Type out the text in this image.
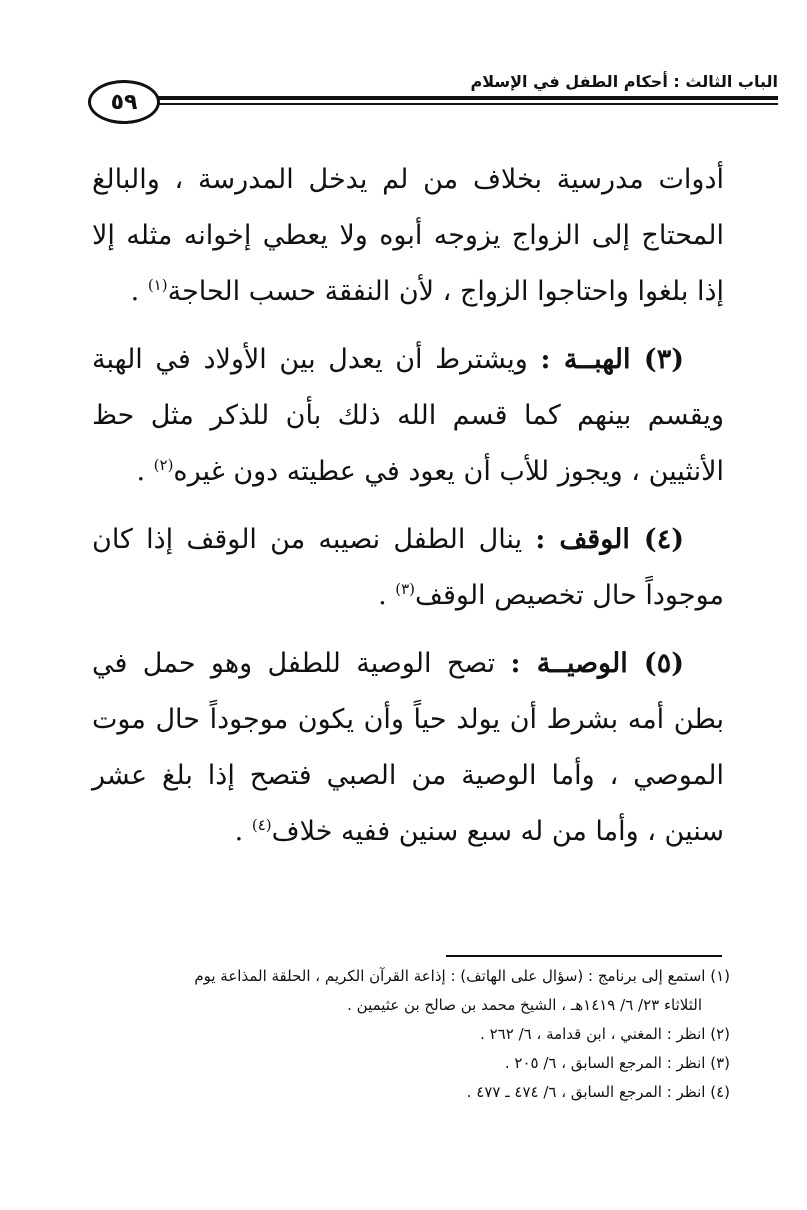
٥٩
الباب الثالث : أحكام الطفل في الإسلام

أدوات مدرسية بخلاف من لم يدخل المدرسة ، والبالغ المحتاج إلى الزواج يزوجه أبوه ولا يعطي إخوانه مثله إلا إذا بلغوا واحتاجوا الزواج ، لأن النفقة حسب الحاجة$^{(١)}$ .

(٣) الهبــة : ويشترط أن يعدل بين الأولاد في الهبة ويقسم بينهم كما قسم الله ذلك بأن للذكر مثل حظ الأنثيين ، ويجوز للأب أن يعود في عطيته دون غيره$^{(٢)}$ .

(٤) الوقف : ينال الطفل نصيبه من الوقف إذا كان موجوداً حال تخصيص الوقف$^{(٣)}$ .

(٥) الوصيــة : تصح الوصية للطفل وهو حمل في بطن أمه بشرط أن يولد حياً وأن يكون موجوداً حال موت الموصي ، وأما الوصية من الصبي فتصح إذا بلغ عشر سنين ، وأما من له سبع سنين ففيه خلاف$^{(٤)}$ .

(١) استمع إلى برنامج : (سؤال على الهاتف) : إذاعة القرآن الكريم ، الحلقة المذاعة يوم
الثلاثاء ٢٣/ ٦/ ١٤١٩هـ ، الشيخ محمد بن صالح بن عثيمين .

(٢) انظر : المغني ، ابن قدامة ، ٦/ ٢٦٢ .

(٣) انظر : المرجع السابق ، ٦/ ٢٠٥ .

(٤) انظر : المرجع السابق ، ٦/ ٤٧٤ ـ ٤٧٧ .
